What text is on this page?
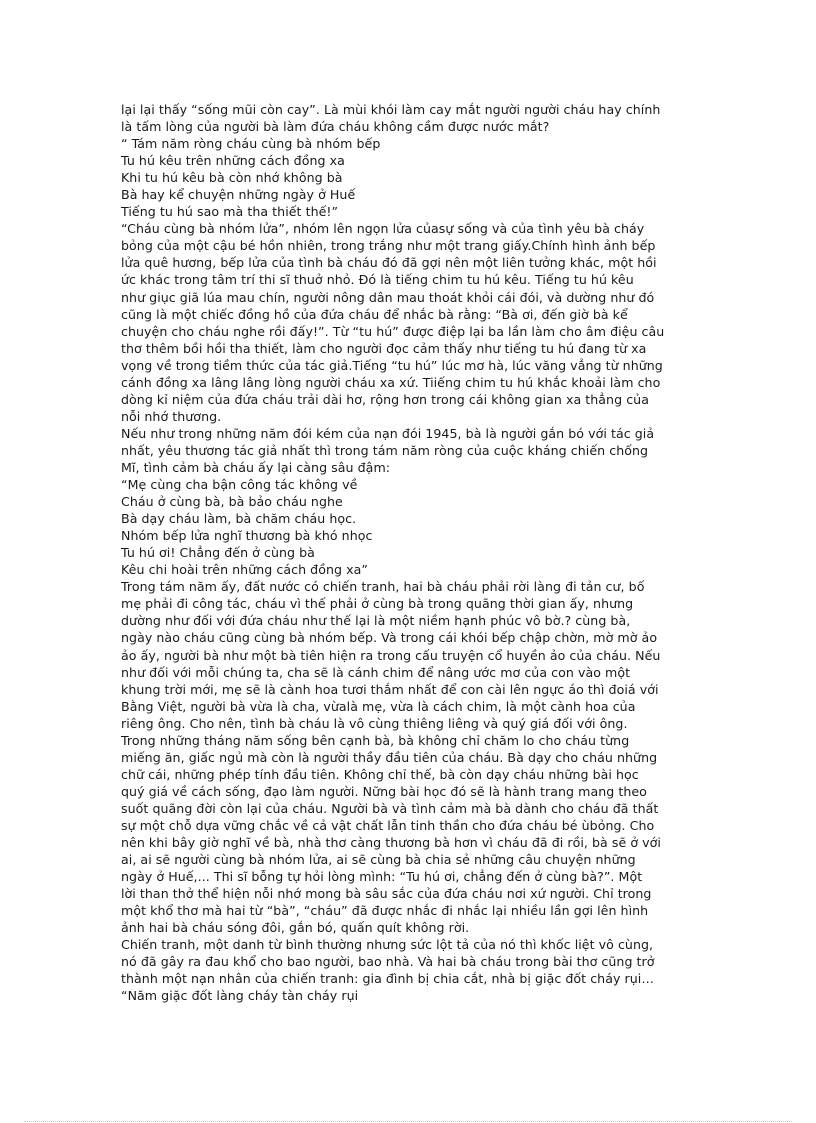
lại lại thấy “sống mũi còn cay”. Là mùi khói làm cay mắt người người cháu hay chính
là tấm lòng của người bà làm đứa cháu không cầm được nước mắt?
“ Tám năm ròng cháu cùng bà nhóm bếp
Tu hú kêu trên những cách đồng xa
Khi tu hú kêu bà còn nhớ không bà
Bà hay kể chuyện những ngày ở Huế
Tiếng tu hú sao mà tha thiết thế!”
“Cháu cùng bà nhóm lửa”, nhóm lên ngọn lửa củasự sống và của tình yêu bà cháy
bỏng của một cậu bé hồn nhiên, trong trắng như một trang giấy.Chính hình ảnh bếp
lửa quê hương, bếp lửa của tình bà cháu đó đã gợi nên một liên tưởng khác, một hồi
ức khác trong tâm trí thi sĩ thuở nhỏ. Đó là tiếng chim tu hú kêu. Tiếng tu hú kêu
như giục giã lúa mau chín, người nông dân mau thoát khỏi cái đói, và dường như đó
cũng là một chiếc đồng hồ của đứa cháu để nhắc bà rằng: “Bà ơi, đến giờ bà kể
chuyện cho cháu nghe rồi đấy!”. Từ “tu hú” được điệp lại ba lần làm cho âm điệu câu
thơ thêm bồi hồi tha thiết, làm cho người đọc cảm thấy như tiếng tu hú đang từ xa
vọng về trong tiềm thức của tác giả.Tiếng “tu hú” lúc mơ hà, lúc văng vẳng từ những
cánh đồng xa lâng lâng lòng người cháu xa xứ. Tiiếng chim tu hú khắc khoải làm cho
dòng kỉ niệm của đứa cháu trải dài hơ, rộng hơn trong cái không gian xa thẳng của
nỗi nhớ thương.
Nếu như trong những năm đói kém của nạn đói 1945, bà là người gắn bó với tác giả
nhất, yêu thương tác giả nhất thì trong tám năm ròng của cuộc kháng chiến chống
Mĩ, tình cảm bà cháu ấy lại càng sâu đậm:
“Mẹ cùng cha bận công tác không về
Cháu ở cùng bà, bà bảo cháu nghe
Bà dạy cháu làm, bà chăm cháu học.
Nhóm bếp lửa nghĩ thương bà khó nhọc
Tu hú ơi! Chẳng đến ở cùng bà
Kêu chi hoài trên những cách đồng xa”
Trong tám năm ấy, đất nước có chiến tranh, hai bà cháu phải rời làng đi tản cư, bố
mẹ phải đi công tác, cháu vì thế phải ở cùng bà trong quãng thời gian ấy, nhưng
dường như đối với đứa cháu như thế lại là một niềm hạnh phúc vô bờ.? cùng bà,
ngày nào cháu cũng cùng bà nhóm bếp. Và trong cái khói bếp chập chờn, mờ mờ ảo
ảo ấy, người bà như một bà tiên hiện ra trong cấu truyện cổ huyền ảo của cháu. Nếu
như đối với mỗi chúng ta, cha sẽ là cánh chim để nâng ước mơ của con vào một
khung trời mới, mẹ sẽ là cành hoa tươi thắm nhất để con cài lên ngực áo thì đoiá với
Bằng Việt, người bà vừa là cha, vừalà mẹ, vừa là cách chim, là một cành hoa của
riêng ông. Cho nên, tình bà cháu là vô cùng thiêng liêng và quý giá đối với ông.
Trong những tháng năm sống bên cạnh bà, bà không chỉ chăm lo cho cháu từng
miếng ăn, giấc ngủ mà còn là người thầy đầu tiên của cháu. Bà dạy cho cháu những
chữ cái, những phép tính đầu tiên. Không chỉ thế, bà còn dạy cháu những bài học
quý giá về cách sống, đạo làm người. Nững bài học đó sẽ là hành trang mang theo
suốt quãng đời còn lại của cháu. Người bà và tình cảm mà bà dành cho cháu đã thất
sự một chỗ dựa vững chắc về cả vật chất lẫn tinh thần cho đứa cháu bé ùbỏng. Cho
nên khi bây giờ nghĩ về bà, nhà thơ càng thương bà hơn vì cháu đã đi rồi, bà sẽ ở với
ai, ai sẽ người cùng bà nhóm lửa, ai sẽ cùng bà chia sẻ những câu chuyện những
ngày ở Huế,... Thi sĩ bỗng tự hỏi lòng mình: “Tu hú ơi, chẳng đến ở cùng bà?”. Một
lời than thở thể hiện nỗi nhớ mong bà sâu sắc của đứa cháu nơi xứ người. Chỉ trong
một khổ thơ mà hai từ “bà”, “cháu” đã được nhắc đi nhắc lại nhiều lần gợi lên hình
ảnh hai bà cháu sóng đôi, gắn bó, quấn quít không rời.
Chiến tranh, một danh từ bình thường nhưng sức lột tả của nó thì khốc liệt vô cùng,
nó đã gây ra đau khổ cho bao người, bao nhà. Và hai bà cháu trong bài thơ cũng trở
thành một nạn nhân của chiến tranh: gia đình bị chia cắt, nhà bị giặc đốt cháy rụi…
“Năm giặc đốt làng cháy tàn cháy rụi
